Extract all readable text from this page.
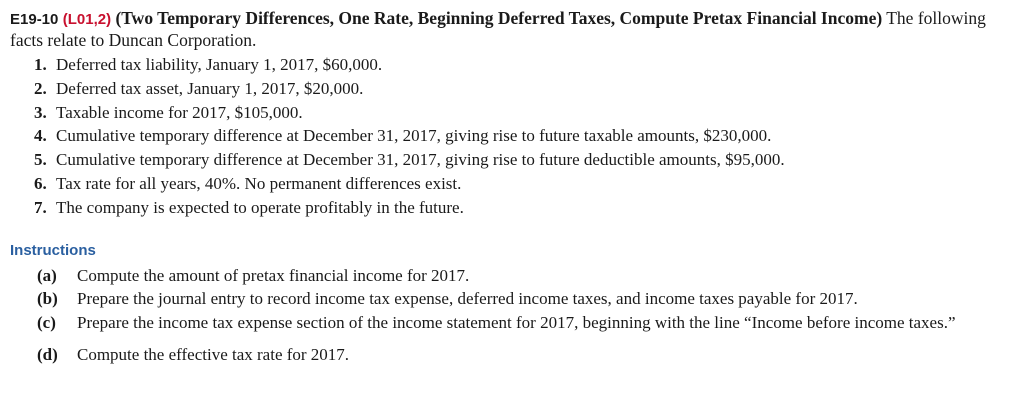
E19-10 (L01,2) (Two Temporary Differences, One Rate, Beginning Deferred Taxes, Compute Pretax Financial Income) The following facts relate to Duncan Corporation.

1. Deferred tax liability, January 1, 2017, $60,000.
2. Deferred tax asset, January 1, 2017, $20,000.
3. Taxable income for 2017, $105,000.
4. Cumulative temporary difference at December 31, 2017, giving rise to future taxable amounts, $230,000.
5. Cumulative temporary difference at December 31, 2017, giving rise to future deductible amounts, $95,000.
6. Tax rate for all years, 40%. No permanent differences exist.
7. The company is expected to operate profitably in the future.
Instructions
(a)	Compute the amount of pretax financial income for 2017.
(b)	Prepare the journal entry to record income tax expense, deferred income taxes, and income taxes payable for 2017.
(c)	Prepare the income tax expense section of the income statement for 2017, beginning with the line “Income before income taxes.”
(d)	Compute the effective tax rate for 2017.
